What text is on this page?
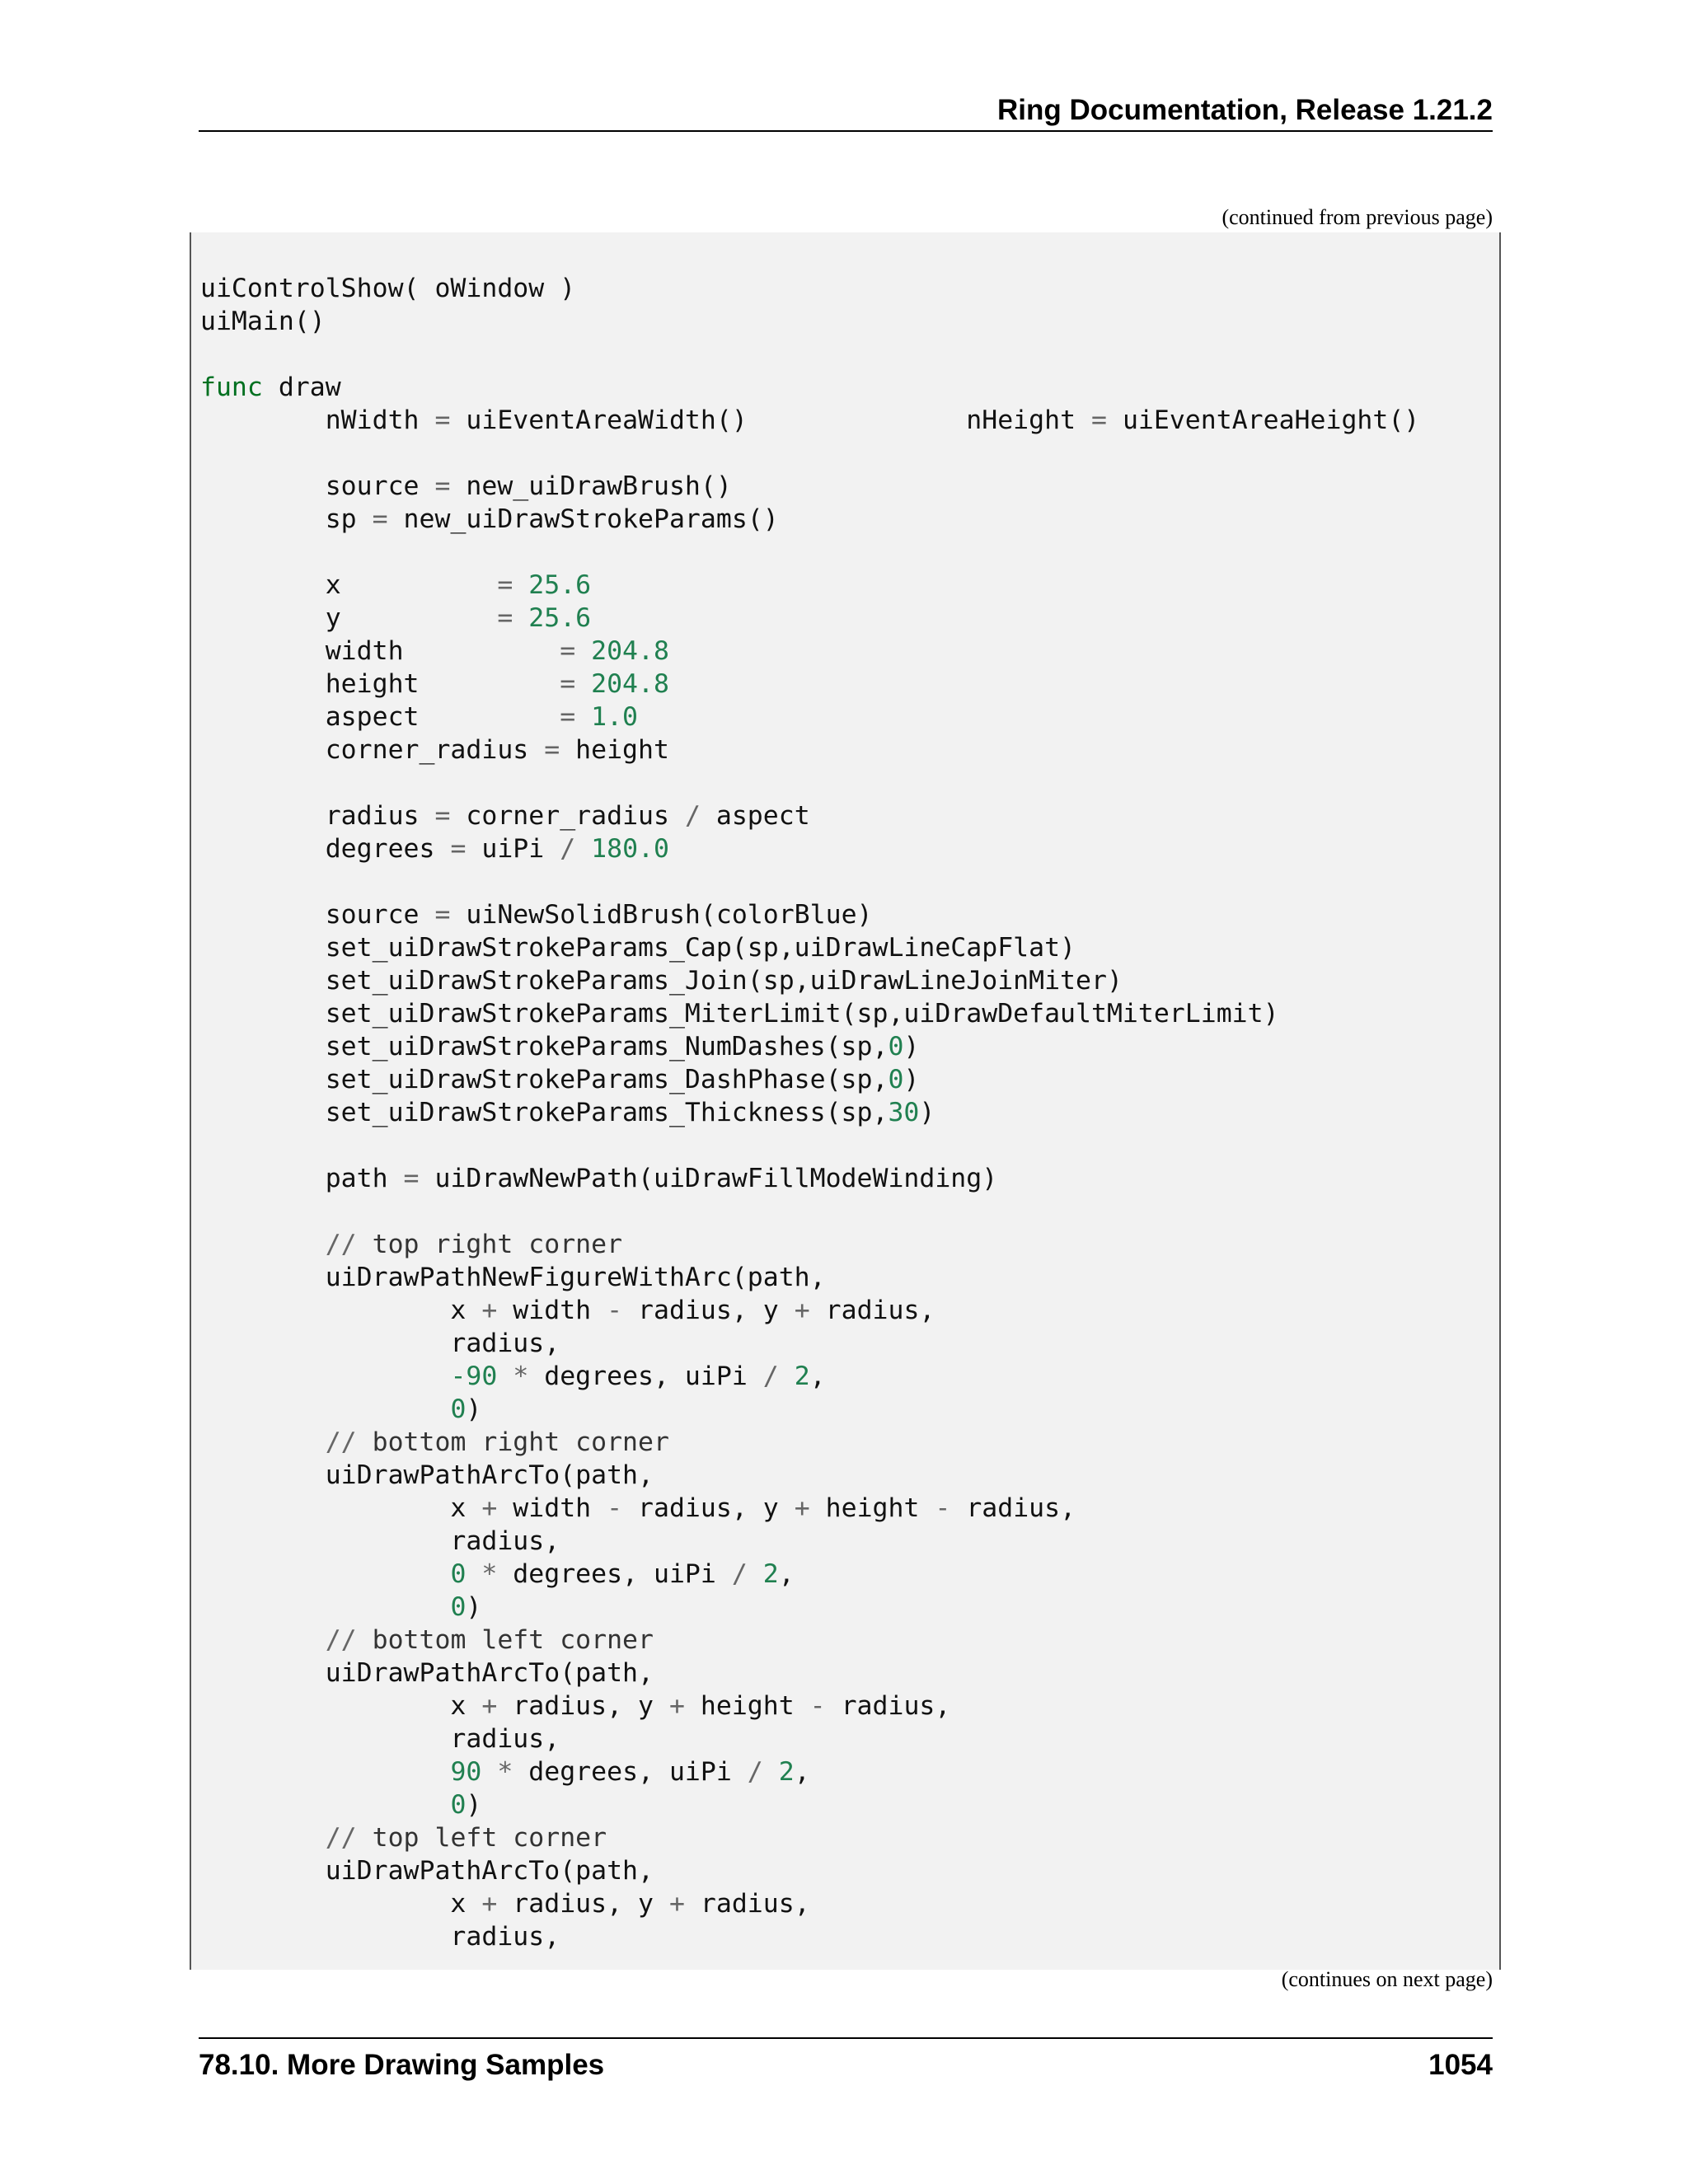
Ring Documentation, Release 1.21.2
(continued from previous page)
uiControlShow( oWindow )
uiMain()
func draw
nWidth = uiEventAreaWidth()              nHeight = uiEventAreaHeight()
source = new_uiDrawBrush()
sp = new_uiDrawStrokeParams()
x          = 25.6
y          = 25.6
width          = 204.8
height         = 204.8
aspect         = 1.0
corner_radius = height
radius = corner_radius / aspect
degrees = uiPi / 180.0
source = uiNewSolidBrush(colorBlue)
set_uiDrawStrokeParams_Cap(sp,uiDrawLineCapFlat)
set_uiDrawStrokeParams_Join(sp,uiDrawLineJoinMiter)
set_uiDrawStrokeParams_MiterLimit(sp,uiDrawDefaultMiterLimit)
set_uiDrawStrokeParams_NumDashes(sp,0)
set_uiDrawStrokeParams_DashPhase(sp,0)
set_uiDrawStrokeParams_Thickness(sp,30)
path = uiDrawNewPath(uiDrawFillModeWinding)
// top right corner
uiDrawPathNewFigureWithArc(path,
x + width - radius, y + radius,
radius,
-90 * degrees, uiPi / 2,
0)
// bottom right corner
uiDrawPathArcTo(path,
x + width - radius, y + height - radius,
radius,
0 * degrees, uiPi / 2,
0)
// bottom left corner
uiDrawPathArcTo(path,
x + radius, y + height - radius,
radius,
90 * degrees, uiPi / 2,
0)
// top left corner
uiDrawPathArcTo(path,
x + radius, y + radius,
radius,
(continues on next page)
78.10. More Drawing Samples	1054
